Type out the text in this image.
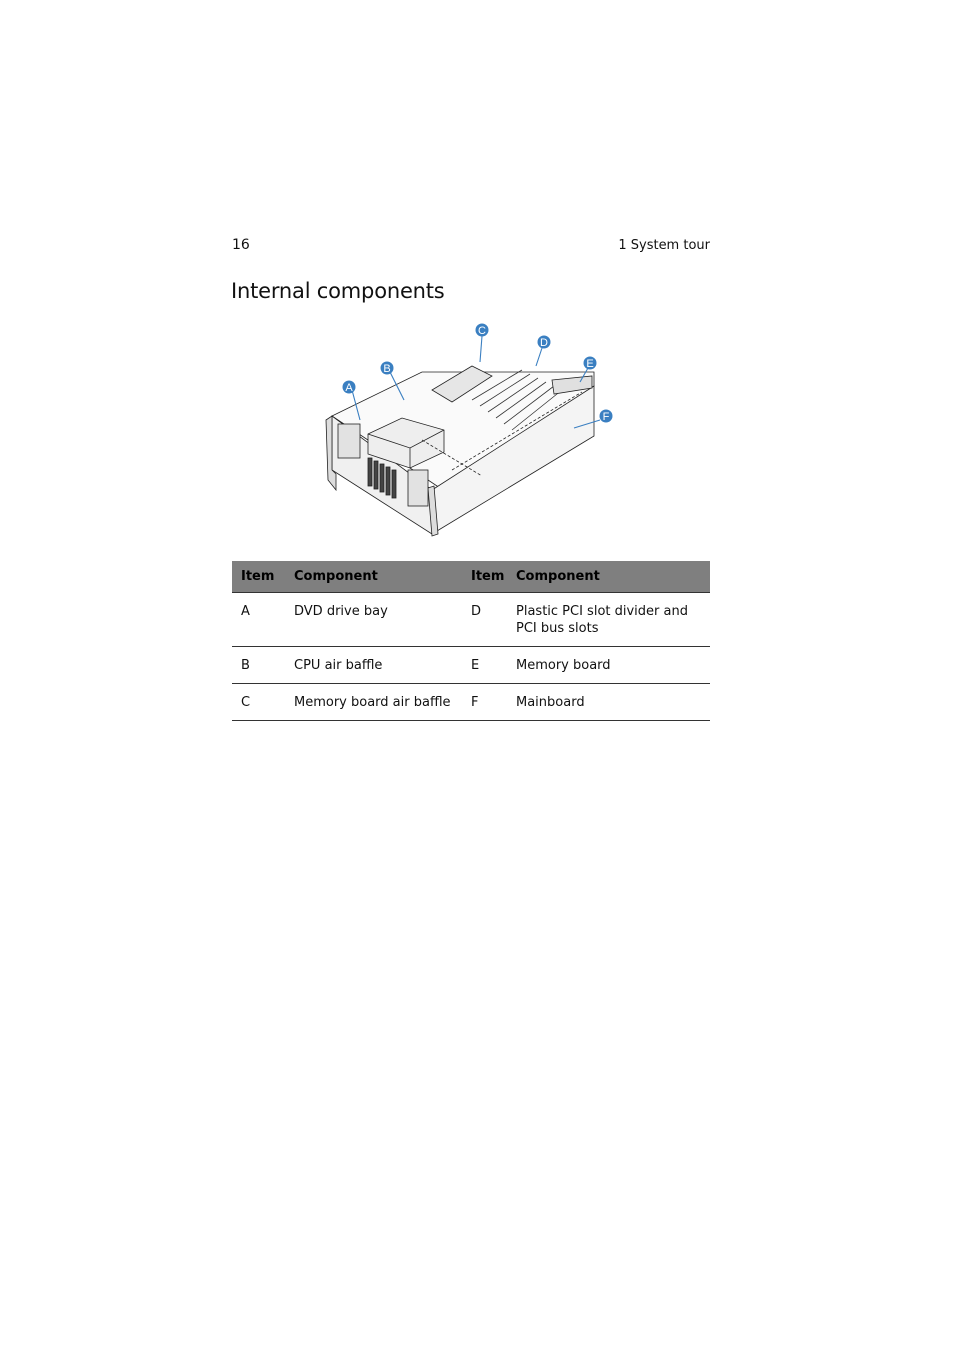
16	1 System tour
Internal components
A
B
C
D
E
F
Item	Component	Item	Component
A	DVD drive bay	D	Plastic PCI slot divider and PCI bus slots
B	CPU air baffle	E	Memory board
C	Memory board air baffle	F	Mainboard
